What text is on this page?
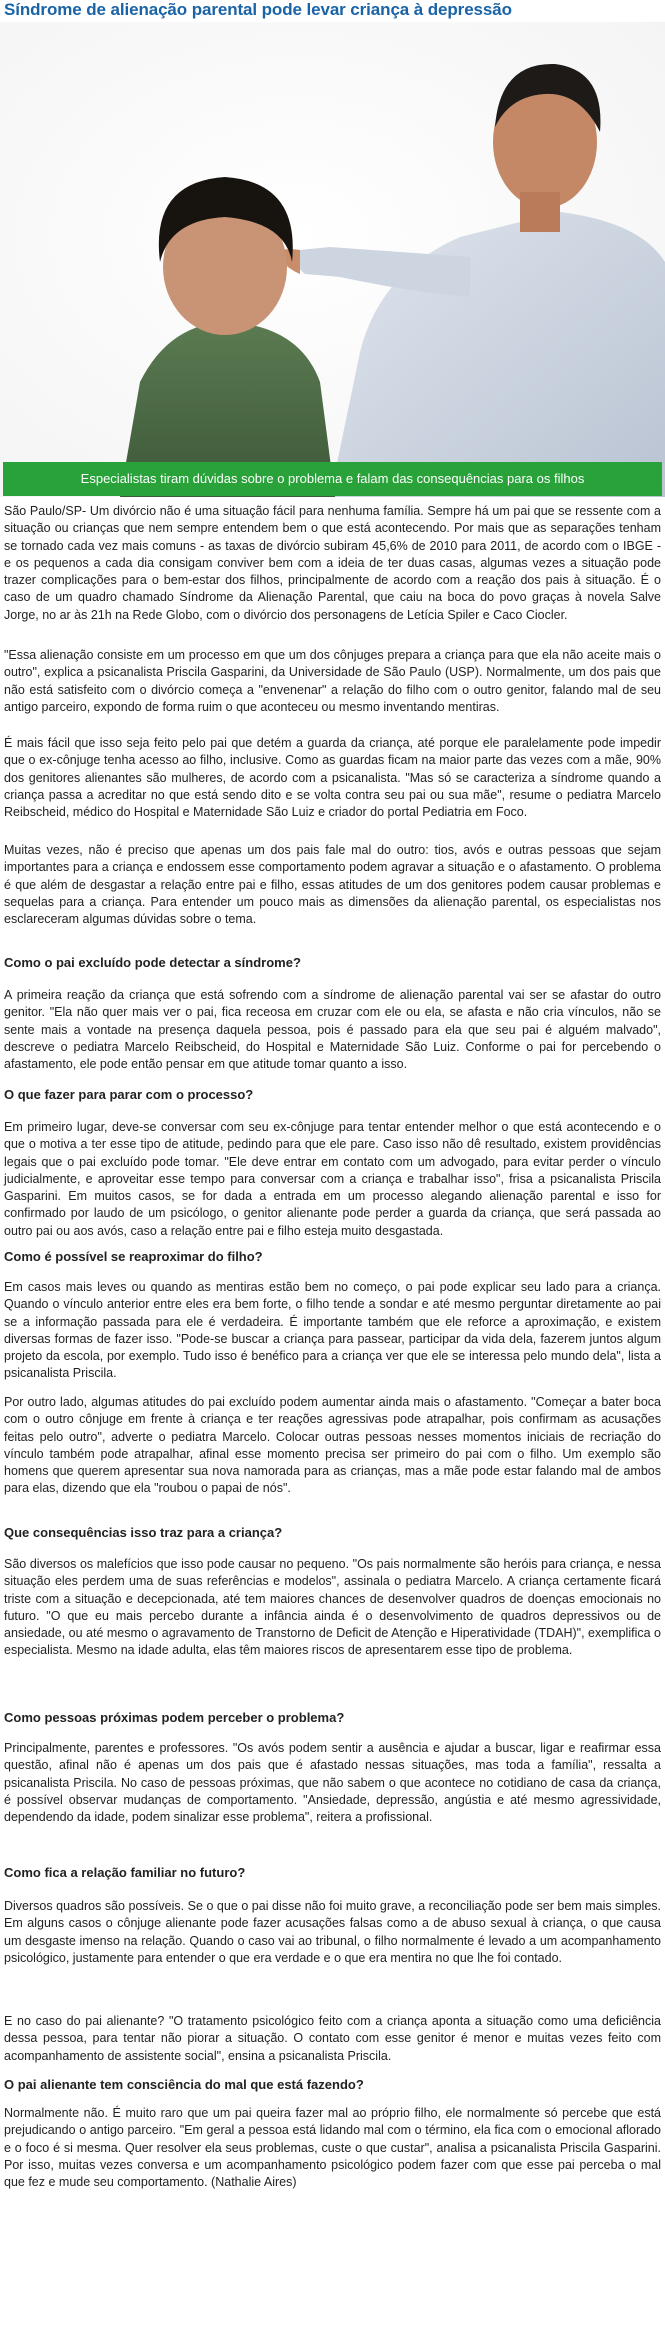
Síndrome de alienação parental pode levar criança à depressão
Especialistas tiram dúvidas sobre o problema e falam das consequências para os filhos

São Paulo/SP- Um divórcio não é uma situação fácil para nenhuma família. Sempre há um pai que se ressente com a situação ou crianças que nem sempre entendem bem o que está acontecendo. Por mais que as separações tenham se tornado cada vez mais comuns - as taxas de divórcio subiram 45,6% de 2010 para 2011, de acordo com o IBGE - e os pequenos a cada dia consigam conviver bem com a ideia de ter duas casas, algumas vezes a situação pode trazer complicações para o bem-estar dos filhos, principalmente de acordo com a reação dos pais à situação. É o caso de um quadro chamado Síndrome da Alienação Parental, que caiu na boca do povo graças à novela Salve Jorge, no ar às 21h na Rede Globo, com o divórcio dos personagens de Letícia Spiler e Caco Ciocler.

"Essa alienação consiste em um processo em que um dos cônjuges prepara a criança para que ela não aceite mais o outro", explica a psicanalista Priscila Gasparini, da Universidade de São Paulo (USP). Normalmente, um dos pais que não está satisfeito com o divórcio começa a "envenenar" a relação do filho com o outro genitor, falando mal de seu antigo parceiro, expondo de forma ruim o que aconteceu ou mesmo inventando mentiras.

É mais fácil que isso seja feito pelo pai que detém a guarda da criança, até porque ele paralelamente pode impedir que o ex-cônjuge tenha acesso ao filho, inclusive. Como as guardas ficam na maior parte das vezes com a mãe, 90% dos genitores alienantes são mulheres, de acordo com a psicanalista. "Mas só se caracteriza a síndrome quando a criança passa a acreditar no que está sendo dito e se volta contra seu pai ou sua mãe", resume o pediatra Marcelo Reibscheid, médico do Hospital e Maternidade São Luiz e criador do portal Pediatria em Foco.

Muitas vezes, não é preciso que apenas um dos pais fale mal do outro: tios, avós e outras pessoas que sejam importantes para a criança e endossem esse comportamento podem agravar a situação e o afastamento. O problema é que além de desgastar a relação entre pai e filho, essas atitudes de um dos genitores podem causar problemas e sequelas para a criança. Para entender um pouco mais as dimensões da alienação parental, os especialistas nos esclareceram algumas dúvidas sobre o tema.

Como o pai excluído pode detectar a síndrome?

A primeira reação da criança que está sofrendo com a síndrome de alienação parental vai ser se afastar do outro genitor. "Ela não quer mais ver o pai, fica receosa em cruzar com ele ou ela, se afasta e não cria vínculos, não se sente mais a vontade na presença daquela pessoa, pois é passado para ela que seu pai é alguém malvado", descreve o pediatra Marcelo Reibscheid, do Hospital e Maternidade São Luiz. Conforme o pai for percebendo o afastamento, ele pode então pensar em que atitude tomar quanto a isso.

O que fazer para parar com o processo?

Em primeiro lugar, deve-se conversar com seu ex-cônjuge para tentar entender melhor o que está acontecendo e o que o motiva a ter esse tipo de atitude, pedindo para que ele pare. Caso isso não dê resultado, existem providências legais que o pai excluído pode tomar. "Ele deve entrar em contato com um advogado, para evitar perder o vínculo judicialmente, e aproveitar esse tempo para conversar com a criança e trabalhar isso", frisa a psicanalista Priscila Gasparini. Em muitos casos, se for dada a entrada em um processo alegando alienação parental e isso for confirmado por laudo de um psicólogo, o genitor alienante pode perder a guarda da criança, que será passada ao outro pai ou aos avós, caso a relação entre pai e filho esteja muito desgastada.

Como é possível se reaproximar do filho?

Em casos mais leves ou quando as mentiras estão bem no começo, o pai pode explicar seu lado para a criança. Quando o vínculo anterior entre eles era bem forte, o filho tende a sondar e até mesmo perguntar diretamente ao pai se a informação passada para ele é verdadeira. É importante também que ele reforce a aproximação, e existem diversas formas de fazer isso. "Pode-se buscar a criança para passear, participar da vida dela, fazerem juntos algum projeto da escola, por exemplo. Tudo isso é benéfico para a criança ver que ele se interessa pelo mundo dela", lista a psicanalista Priscila.

Por outro lado, algumas atitudes do pai excluído podem aumentar ainda mais o afastamento. "Começar a bater boca com o outro cônjuge em frente à criança e ter reações agressivas pode atrapalhar, pois confirmam as acusações feitas pelo outro", adverte o pediatra Marcelo. Colocar outras pessoas nesses momentos iniciais de recriação do vínculo também pode atrapalhar, afinal esse momento precisa ser primeiro do pai com o filho. Um exemplo são homens que querem apresentar sua nova namorada para as crianças, mas a mãe pode estar falando mal de ambos para elas, dizendo que ela "roubou o papai de nós".

Que consequências isso traz para a criança?

São diversos os malefícios que isso pode causar no pequeno. "Os pais normalmente são heróis para criança, e nessa situação eles perdem uma de suas referências e modelos", assinala o pediatra Marcelo. A criança certamente ficará triste com a situação e decepcionada, até tem maiores chances de desenvolver quadros de doenças emocionais no futuro. "O que eu mais percebo durante a infância ainda é o desenvolvimento de quadros depressivos ou de ansiedade, ou até mesmo o agravamento de Transtorno de Deficit de Atenção e Hiperatividade (TDAH)", exemplifica o especialista. Mesmo na idade adulta, elas têm maiores riscos de apresentarem esse tipo de problema.

Como pessoas próximas podem perceber o problema?

Principalmente, parentes e professores. "Os avós podem sentir a ausência e ajudar a buscar, ligar e reafirmar essa questão, afinal não é apenas um dos pais que é afastado nessas situações, mas toda a família", ressalta a psicanalista Priscila. No caso de pessoas próximas, que não sabem o que acontece no cotidiano de casa da criança, é possível observar mudanças de comportamento. "Ansiedade, depressão, angústia e até mesmo agressividade, dependendo da idade, podem sinalizar esse problema", reitera a profissional.

Como fica a relação familiar no futuro?

Diversos quadros são possíveis. Se o que o pai disse não foi muito grave, a reconciliação pode ser bem mais simples. Em alguns casos o cônjuge alienante pode fazer acusações falsas como a de abuso sexual à criança, o que causa um desgaste imenso na relação. Quando o caso vai ao tribunal, o filho normalmente é levado a um acompanhamento psicológico, justamente para entender o que era verdade e o que era mentira no que lhe foi contado.

E no caso do pai alienante? "O tratamento psicológico feito com a criança aponta a situação como uma deficiência dessa pessoa, para tentar não piorar a situação. O contato com esse genitor é menor e muitas vezes feito com acompanhamento de assistente social", ensina a psicanalista Priscila.

O pai alienante tem consciência do mal que está fazendo?

Normalmente não. É muito raro que um pai queira fazer mal ao próprio filho, ele normalmente só percebe que está prejudicando o antigo parceiro. "Em geral a pessoa está lidando mal com o término, ela fica com o emocional aflorado e o foco é si mesma. Quer resolver ela seus problemas, custe o que custar", analisa a psicanalista Priscila Gasparini. Por isso, muitas vezes conversa e um acompanhamento psicológico podem fazer com que esse pai perceba o mal que fez e mude seu comportamento. (Nathalie Aires)
